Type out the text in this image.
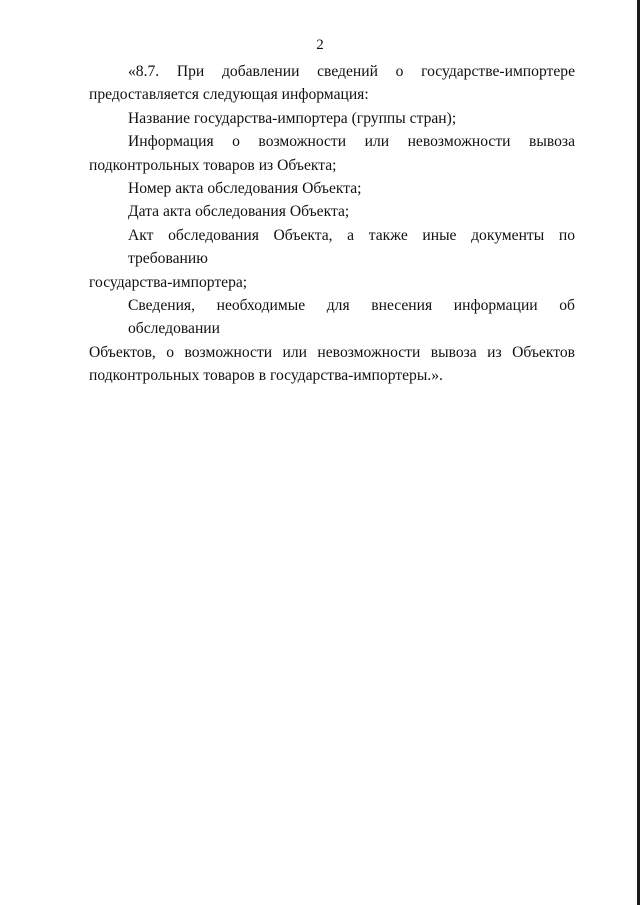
2

«8.7. При добавлении сведений о государстве-импортере
предоставляется следующая информация:

Название государства-импортера (группы стран);

Информация о возможности или невозможности вывоза
подконтрольных товаров из Объекта;

Номер акта обследования Объекта;

Дата акта обследования Объекта;

Акт обследования Объекта, а также иные документы по требованию
государства-импортера;

Сведения, необходимые для внесения информации об обследовании
Объектов, о возможности или невозможности вывоза из Объектов
подконтрольных товаров в государства-импортеры.».
